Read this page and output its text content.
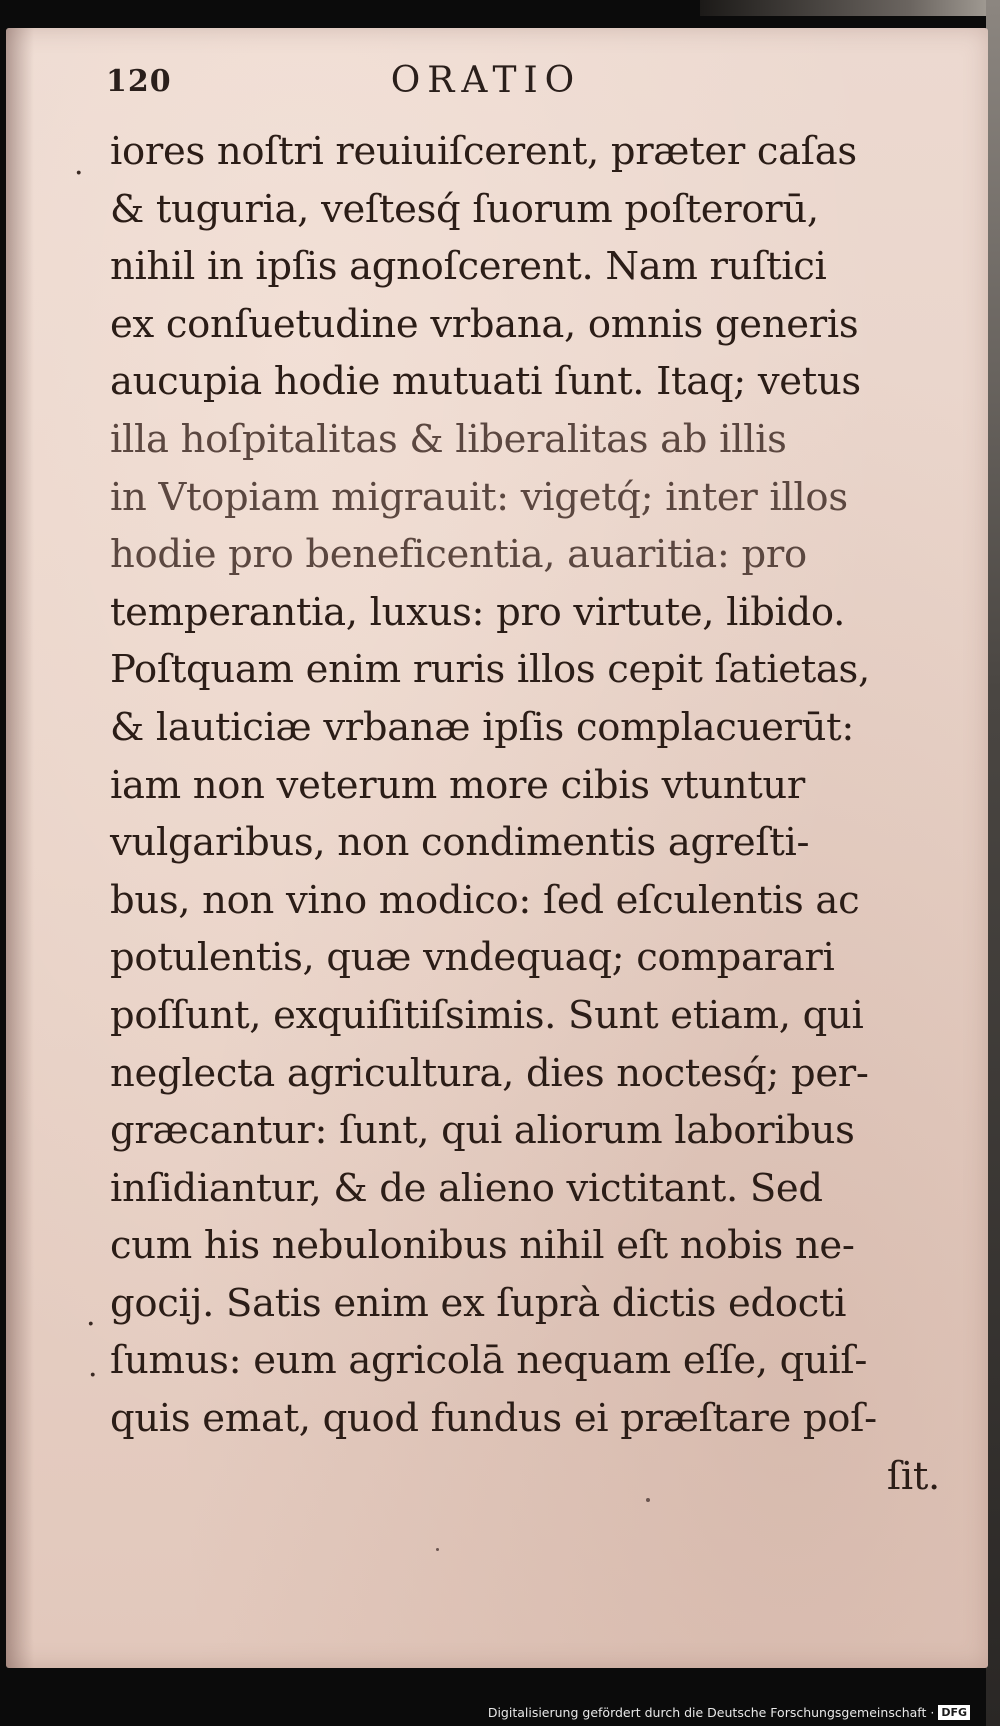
120	ORATIO
iores noſtri reuiuiſcerent, præter caſas
& tuguria, veſtesq́ ſuorum poſterorū,
nihil in ipſis agnoſcerent. Nam ruſtici
ex conſuetudine vrbana, omnis generis
aucupia hodie mutuati ſunt. Itaq; vetus
illa hoſpitalitas & liberalitas ab illis
in Vtopiam migrauit: vigetq́; inter illos
hodie pro beneficentia, auaritia: pro
temperantia, luxus: pro virtute, libido.
Poſtquam enim ruris illos cepit ſatietas,
& lauticiæ vrbanæ ipſis complacuerūt:
iam non veterum more cibis vtuntur
vulgaribus, non condimentis agreſti-
bus, non vino modico: ſed eſculentis ac
potulentis, quæ vndequaq; comparari
poſſunt, exquiſitiſsimis. Sunt etiam, qui
neglecta agricultura, dies noctesq́; per-
græcantur: ſunt, qui aliorum laboribus
inſidiantur, & de alieno victitant. Sed
cum his nebulonibus nihil eſt nobis ne-
gocij. Satis enim ex ſuprà dictis edocti
ſumus: eum agricolā nequam eſſe, quiſ-
quis emat, quod fundus ei præſtare poſ-
ſit.
·
.
·
Digitalisierung gefördert durch die Deutsche Forschungsgemeinschaft · DFG
